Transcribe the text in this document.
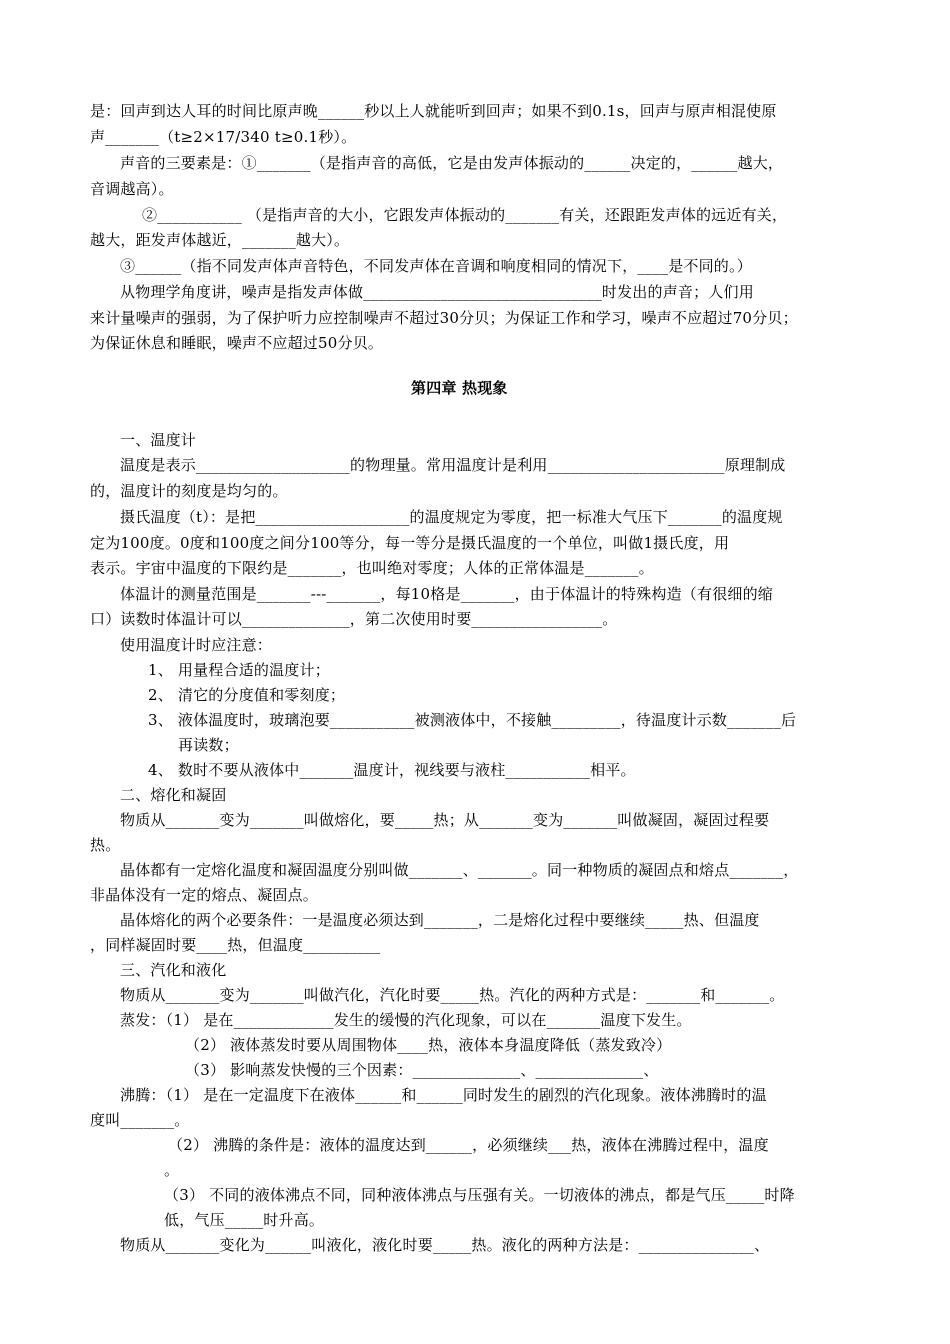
是：回声到达人耳的时间比原声晚______秒以上人就能听到回声；如果不到0.1s，回声与原声相混使原
声_______（t≥2×17/340 t≥0.1秒）。
声音的三要素是：①_______（是指声音的高低，它是由发声体振动的______决定的，______越大，
音调越高）。
②___________ （是指声音的大小，它跟发声体振动的_______有关，还跟距发声体的远近有关，
越大，距发声体越近，_______越大）。
③______（指不同发声体声音特色，不同发声体在音调和响度相同的情况下，____是不同的。）
从物理学角度讲，噪声是指发声体做_______________________________时发出的声音；人们用
来计量噪声的强弱，为了保护听力应控制噪声不超过30分贝；为保证工作和学习，噪声不应超过70分贝；
为保证休息和睡眠，噪声不应超过50分贝。
第四章 热现象
一、温度计
温度是表示____________________的物理量。常用温度计是利用_______________________原理制成
的，温度计的刻度是均匀的。
摄氏温度（t）：是把____________________的温度规定为零度，把一标准大气压下_______的温度规
定为100度。0度和100度之间分100等分，每一等分是摄氏温度的一个单位，叫做1摄氏度，用
表示。宇宙中温度的下限约是_______，也叫绝对零度；人体的正常体温是_______。
体温计的测量范围是_______---_______，每10格是_______，由于体温计的特殊构造（有很细的缩
口）读数时体温计可以______________，第二次使用时要_________________。
使用温度计时应注意：
1、 用量程合适的温度计；
2、 清它的分度值和零刻度；
3、 液体温度时，玻璃泡要___________被测液体中，不接触_________，待温度计示数_______后
再读数；
4、 数时不要从液体中_______温度计，视线要与液柱___________相平。
二、熔化和凝固
物质从_______变为_______叫做熔化，要_____热；从_______变为_______叫做凝固，凝固过程要
热。
晶体都有一定熔化温度和凝固温度分别叫做_______、_______。同一种物质的凝固点和熔点_______，
非晶体没有一定的熔点、凝固点。
晶体熔化的两个必要条件：一是温度必须达到_______，二是熔化过程中要继续_____热、但温度
，同样凝固时要____热，但温度__________
三、汽化和液化
物质从_______变为_______叫做汽化，汽化时要_____热。汽化的两种方式是：_______和_______。
蒸发：（1） 是在_____________发生的缓慢的汽化现象，可以在_______温度下发生。
（2） 液体蒸发时要从周围物体____热，液体本身温度降低（蒸发致冷）
（3） 影响蒸发快慢的三个因素：______________、______________、
沸腾：（1） 是在一定温度下在液体______和______同时发生的剧烈的汽化现象。液体沸腾时的温
度叫_______。
（2） 沸腾的条件是：液体的温度达到______，必须继续___热，液体在沸腾过程中，温度
。
（3） 不同的液体沸点不同，同种液体沸点与压强有关。一切液体的沸点，都是气压_____时降
低，气压_____时升高。
物质从_______变化为______叫液化，液化时要_____热。液化的两种方法是：_______________、
